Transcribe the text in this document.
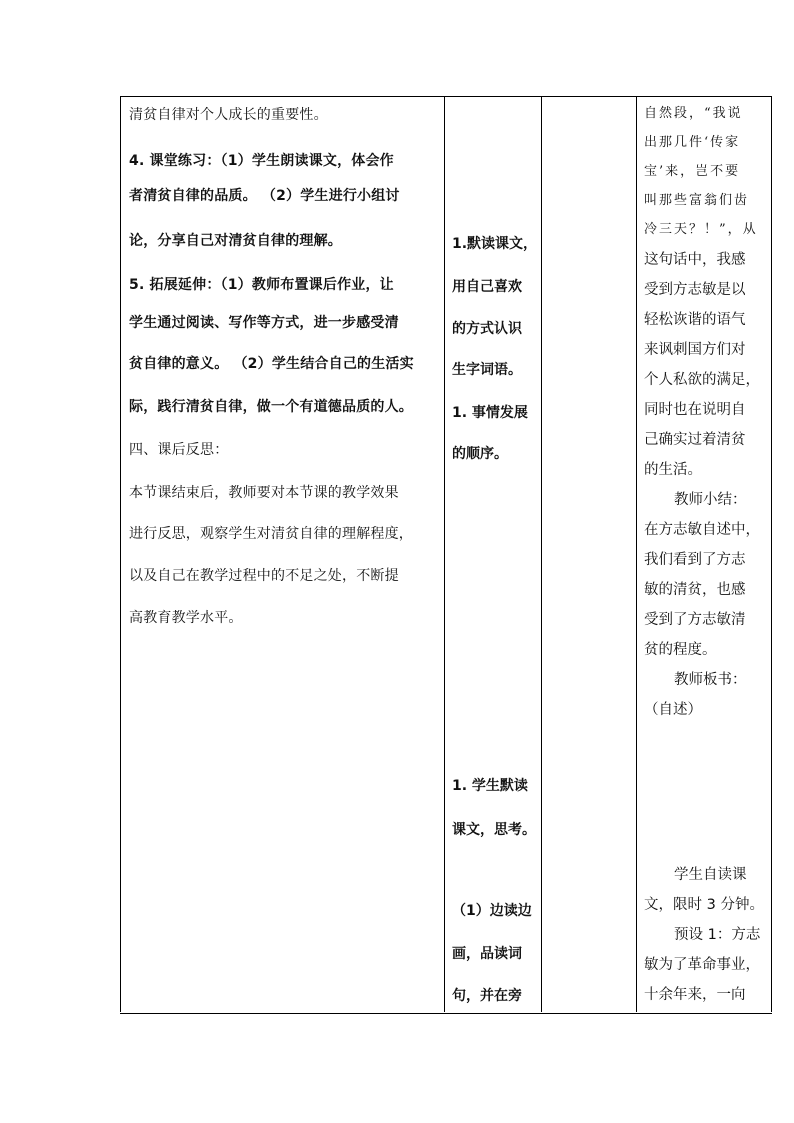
清贫自律对个人成长的重要性。

4. 课堂练习：（1）学生朗读课文，体会作

者清贫自律的品质。 （2）学生进行小组讨

论，分享自己对清贫自律的理解。

5. 拓展延伸：（1）教师布置课后作业，让

学生通过阅读、写作等方式，进一步感受清

贫自律的意义。 （2）学生结合自己的生活实

际，践行清贫自律，做一个有道德品质的人。

四、课后反思：

本节课结束后，教师要对本节课的教学效果

进行反思，观察学生对清贫自律的理解程度，

以及自己在教学过程中的不足之处，不断提

高教育教学水平。

1.默读课文，

用自己喜欢

的方式认识

生字词语。

1. 事情发展

的顺序。

1. 学生默读

课文，思考。

（1）边读边

画，品读词

句，并在旁

自然段，“我说

出那几件‘传家

宝’来，岂不要

叫那些富翁们齿

冷三天？！”，从

这句话中，我感

受到方志敏是以

轻松诙谐的语气

来讽刺国方们对

个人私欲的满足，

同时也在说明自

己确实过着清贫

的生活。

教师小结：

在方志敏自述中，

我们看到了方志

敏的清贫，也感

受到了方志敏清

贫的程度。

教师板书：

（自述）

学生自读课

文，限时 3 分钟。

预设 1：方志

敏为了革命事业，

十余年来，一向
